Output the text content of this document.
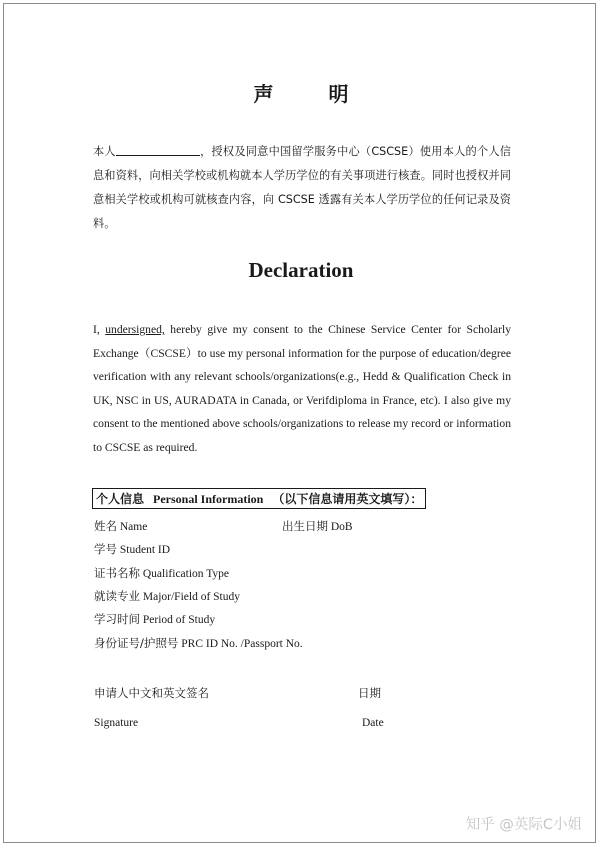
声 明
本人	，授权及同意中国留学服务中心（CSCSE）使用本人的个人信息和资料，向相关学校或机构就本人学历学位的有关事项进行核查。同时也授权并同意相关学校或机构可就核查内容，向 CSCSE 透露有关本人学历学位的任何记录及资料。
Declaration
I, undersigned, hereby give my consent to the Chinese Service Center for Scholarly Exchange（CSCSE）to use my personal information for the purpose of education/degree verification with any relevant schools/organizations(e.g., Hedd & Qualification Check in UK, NSC in US, AURADATA in Canada, or Verifdiploma in France, etc). I also give my consent to the mentioned above schools/organizations to release my record or information to CSCSE as required.
个人信息 Personal Information （以下信息请用英文填写）：
姓名 Name	出生日期 DoB
学号 Student ID
证书名称 Qualification Type
就读专业 Major/Field of Study
学习时间 Period of Study
身份证号/护照号 PRC ID No. /Passport No.
申请人中文和英文签名	日期
Signature	Date
知乎 @英际C小姐
